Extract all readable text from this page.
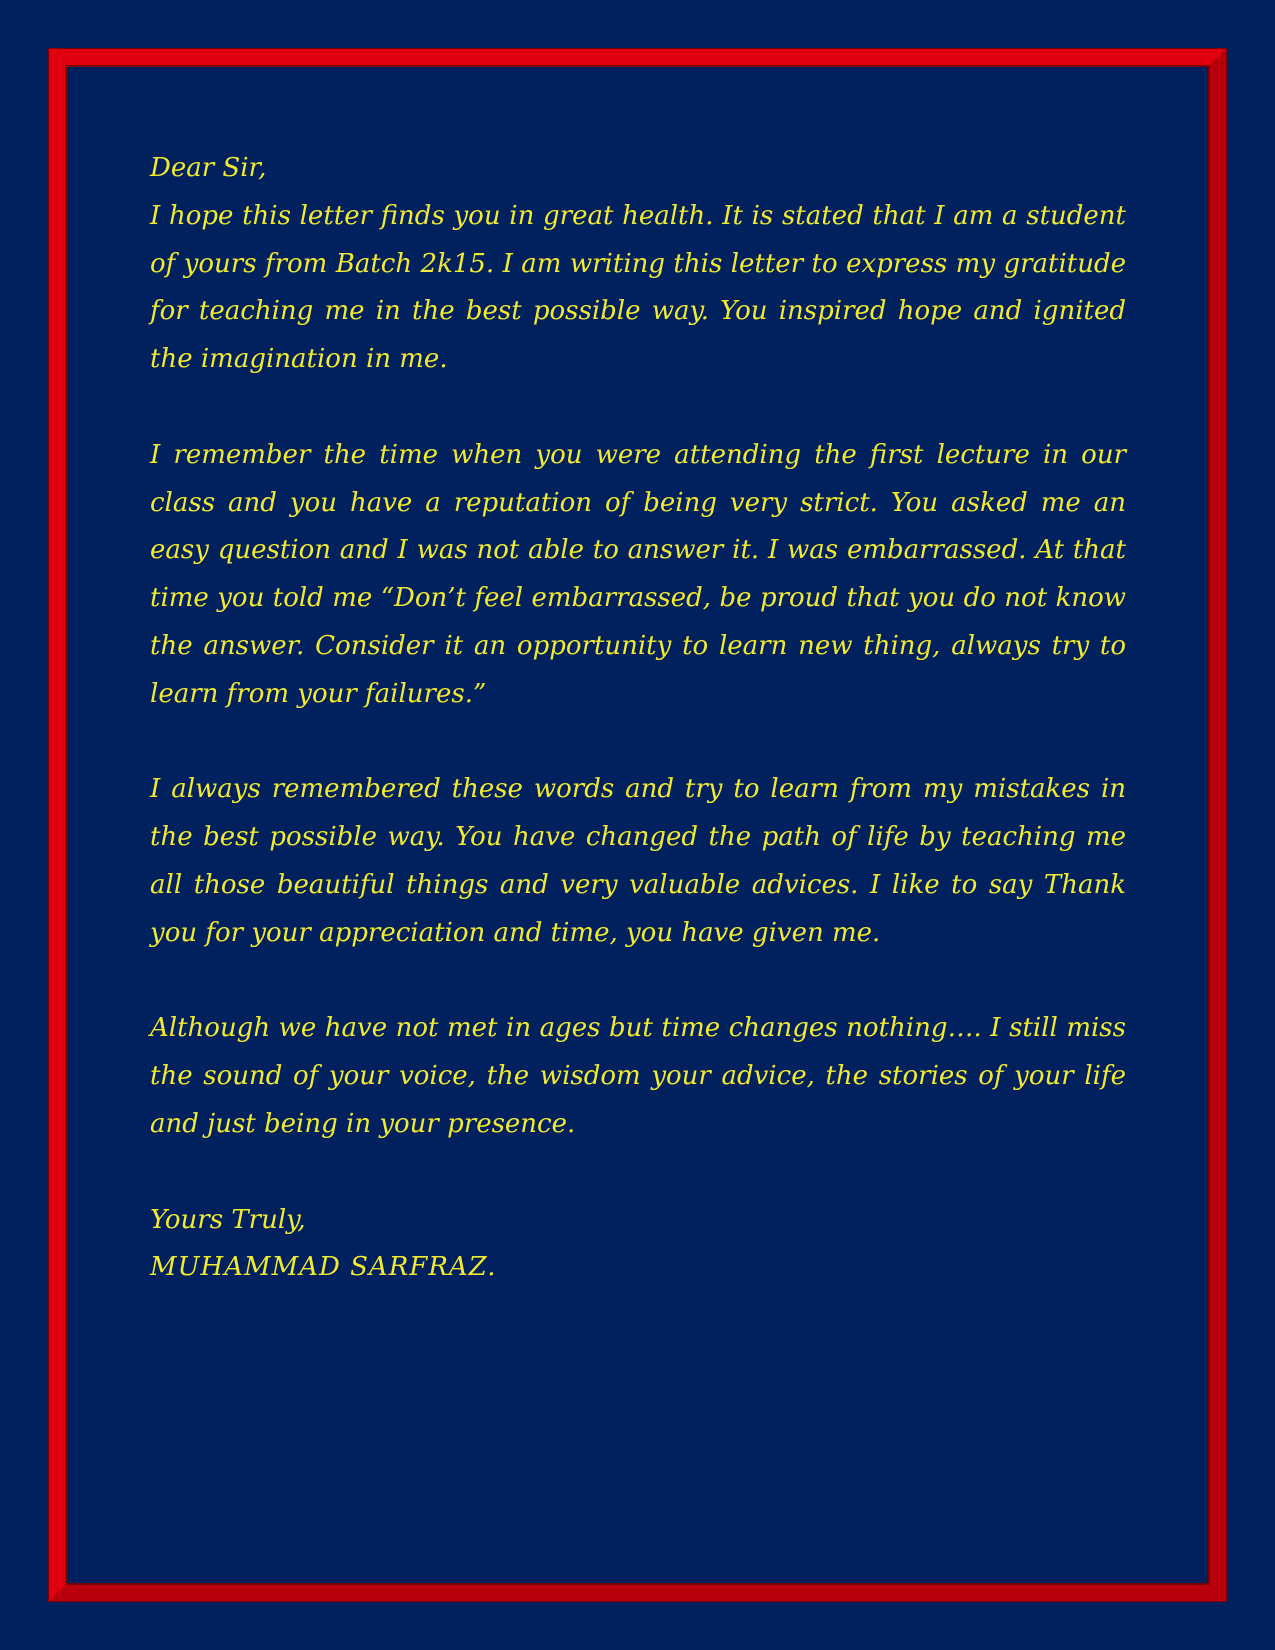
Dear Sir,

I hope this letter finds you in great health. It is stated that I am a student of yours from Batch 2k15. I am writing this letter to express my gratitude for teaching me in the best possible way. You inspired hope and ignited the imagination in me.

I remember the time when you were attending the first lecture in our class and you have a reputation of being very strict. You asked me an easy question and I was not able to answer it. I was embarrassed. At that time you told me “Don’t feel embarrassed, be proud that you do not know the answer. Consider it an opportunity to learn new thing, always try to learn from your failures.”

I always remembered these words and try to learn from my mistakes in the best possible way. You have changed the path of life by teaching me all those beautiful things and very valuable advices. I like to say Thank you for your appreciation and time, you have given me.

Although we have not met in ages but time changes nothing…. I still miss the sound of your voice, the wisdom your advice, the stories of your life and just being in your presence.

Yours Truly,

MUHAMMAD SARFRAZ.
